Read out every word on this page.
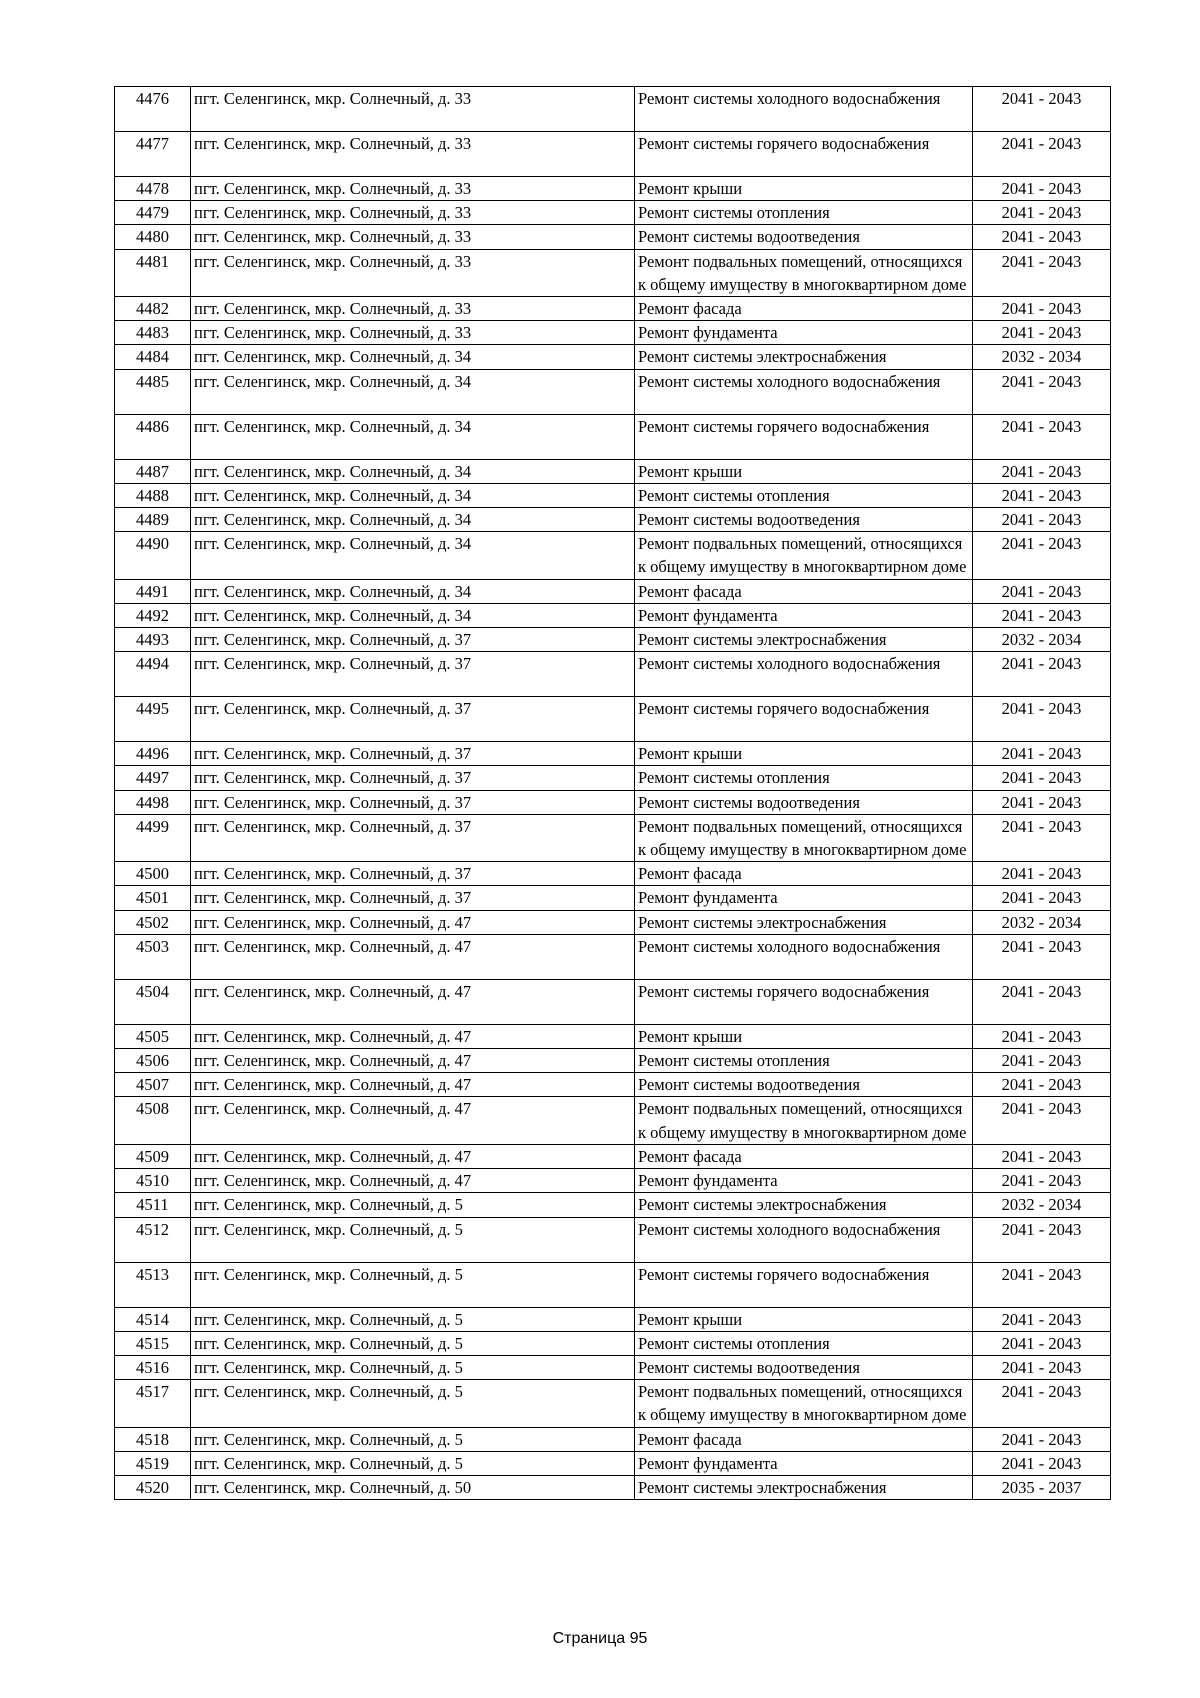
4476	пгт. Селенгинск, мкр. Солнечный, д. 33	Ремонт системы холодного водоснабжения	2041 - 2043
4477	пгт. Селенгинск, мкр. Солнечный, д. 33	Ремонт системы горячего водоснабжения	2041 - 2043
4478	пгт. Селенгинск, мкр. Солнечный, д. 33	Ремонт крыши	2041 - 2043
4479	пгт. Селенгинск, мкр. Солнечный, д. 33	Ремонт системы отопления	2041 - 2043
4480	пгт. Селенгинск, мкр. Солнечный, д. 33	Ремонт системы водоотведения	2041 - 2043
4481	пгт. Селенгинск, мкр. Солнечный, д. 33	Ремонт подвальных помещений, относящихся к общему имуществу в многоквартирном доме	2041 - 2043
4482	пгт. Селенгинск, мкр. Солнечный, д. 33	Ремонт фасада	2041 - 2043
4483	пгт. Селенгинск, мкр. Солнечный, д. 33	Ремонт фундамента	2041 - 2043
4484	пгт. Селенгинск, мкр. Солнечный, д. 34	Ремонт системы электроснабжения	2032 - 2034
4485	пгт. Селенгинск, мкр. Солнечный, д. 34	Ремонт системы холодного водоснабжения	2041 - 2043
4486	пгт. Селенгинск, мкр. Солнечный, д. 34	Ремонт системы горячего водоснабжения	2041 - 2043
4487	пгт. Селенгинск, мкр. Солнечный, д. 34	Ремонт крыши	2041 - 2043
4488	пгт. Селенгинск, мкр. Солнечный, д. 34	Ремонт системы отопления	2041 - 2043
4489	пгт. Селенгинск, мкр. Солнечный, д. 34	Ремонт системы водоотведения	2041 - 2043
4490	пгт. Селенгинск, мкр. Солнечный, д. 34	Ремонт подвальных помещений, относящихся к общему имуществу в многоквартирном доме	2041 - 2043
4491	пгт. Селенгинск, мкр. Солнечный, д. 34	Ремонт фасада	2041 - 2043
4492	пгт. Селенгинск, мкр. Солнечный, д. 34	Ремонт фундамента	2041 - 2043
4493	пгт. Селенгинск, мкр. Солнечный, д. 37	Ремонт системы электроснабжения	2032 - 2034
4494	пгт. Селенгинск, мкр. Солнечный, д. 37	Ремонт системы холодного водоснабжения	2041 - 2043
4495	пгт. Селенгинск, мкр. Солнечный, д. 37	Ремонт системы горячего водоснабжения	2041 - 2043
4496	пгт. Селенгинск, мкр. Солнечный, д. 37	Ремонт крыши	2041 - 2043
4497	пгт. Селенгинск, мкр. Солнечный, д. 37	Ремонт системы отопления	2041 - 2043
4498	пгт. Селенгинск, мкр. Солнечный, д. 37	Ремонт системы водоотведения	2041 - 2043
4499	пгт. Селенгинск, мкр. Солнечный, д. 37	Ремонт подвальных помещений, относящихся к общему имуществу в многоквартирном доме	2041 - 2043
4500	пгт. Селенгинск, мкр. Солнечный, д. 37	Ремонт фасада	2041 - 2043
4501	пгт. Селенгинск, мкр. Солнечный, д. 37	Ремонт фундамента	2041 - 2043
4502	пгт. Селенгинск, мкр. Солнечный, д. 47	Ремонт системы электроснабжения	2032 - 2034
4503	пгт. Селенгинск, мкр. Солнечный, д. 47	Ремонт системы холодного водоснабжения	2041 - 2043
4504	пгт. Селенгинск, мкр. Солнечный, д. 47	Ремонт системы горячего водоснабжения	2041 - 2043
4505	пгт. Селенгинск, мкр. Солнечный, д. 47	Ремонт крыши	2041 - 2043
4506	пгт. Селенгинск, мкр. Солнечный, д. 47	Ремонт системы отопления	2041 - 2043
4507	пгт. Селенгинск, мкр. Солнечный, д. 47	Ремонт системы водоотведения	2041 - 2043
4508	пгт. Селенгинск, мкр. Солнечный, д. 47	Ремонт подвальных помещений, относящихся к общему имуществу в многоквартирном доме	2041 - 2043
4509	пгт. Селенгинск, мкр. Солнечный, д. 47	Ремонт фасада	2041 - 2043
4510	пгт. Селенгинск, мкр. Солнечный, д. 47	Ремонт фундамента	2041 - 2043
4511	пгт. Селенгинск, мкр. Солнечный, д. 5	Ремонт системы электроснабжения	2032 - 2034
4512	пгт. Селенгинск, мкр. Солнечный, д. 5	Ремонт системы холодного водоснабжения	2041 - 2043
4513	пгт. Селенгинск, мкр. Солнечный, д. 5	Ремонт системы горячего водоснабжения	2041 - 2043
4514	пгт. Селенгинск, мкр. Солнечный, д. 5	Ремонт крыши	2041 - 2043
4515	пгт. Селенгинск, мкр. Солнечный, д. 5	Ремонт системы отопления	2041 - 2043
4516	пгт. Селенгинск, мкр. Солнечный, д. 5	Ремонт системы водоотведения	2041 - 2043
4517	пгт. Селенгинск, мкр. Солнечный, д. 5	Ремонт подвальных помещений, относящихся к общему имуществу в многоквартирном доме	2041 - 2043
4518	пгт. Селенгинск, мкр. Солнечный, д. 5	Ремонт фасада	2041 - 2043
4519	пгт. Селенгинск, мкр. Солнечный, д. 5	Ремонт фундамента	2041 - 2043
4520	пгт. Селенгинск, мкр. Солнечный, д. 50	Ремонт системы электроснабжения	2035 - 2037
Страница 95
